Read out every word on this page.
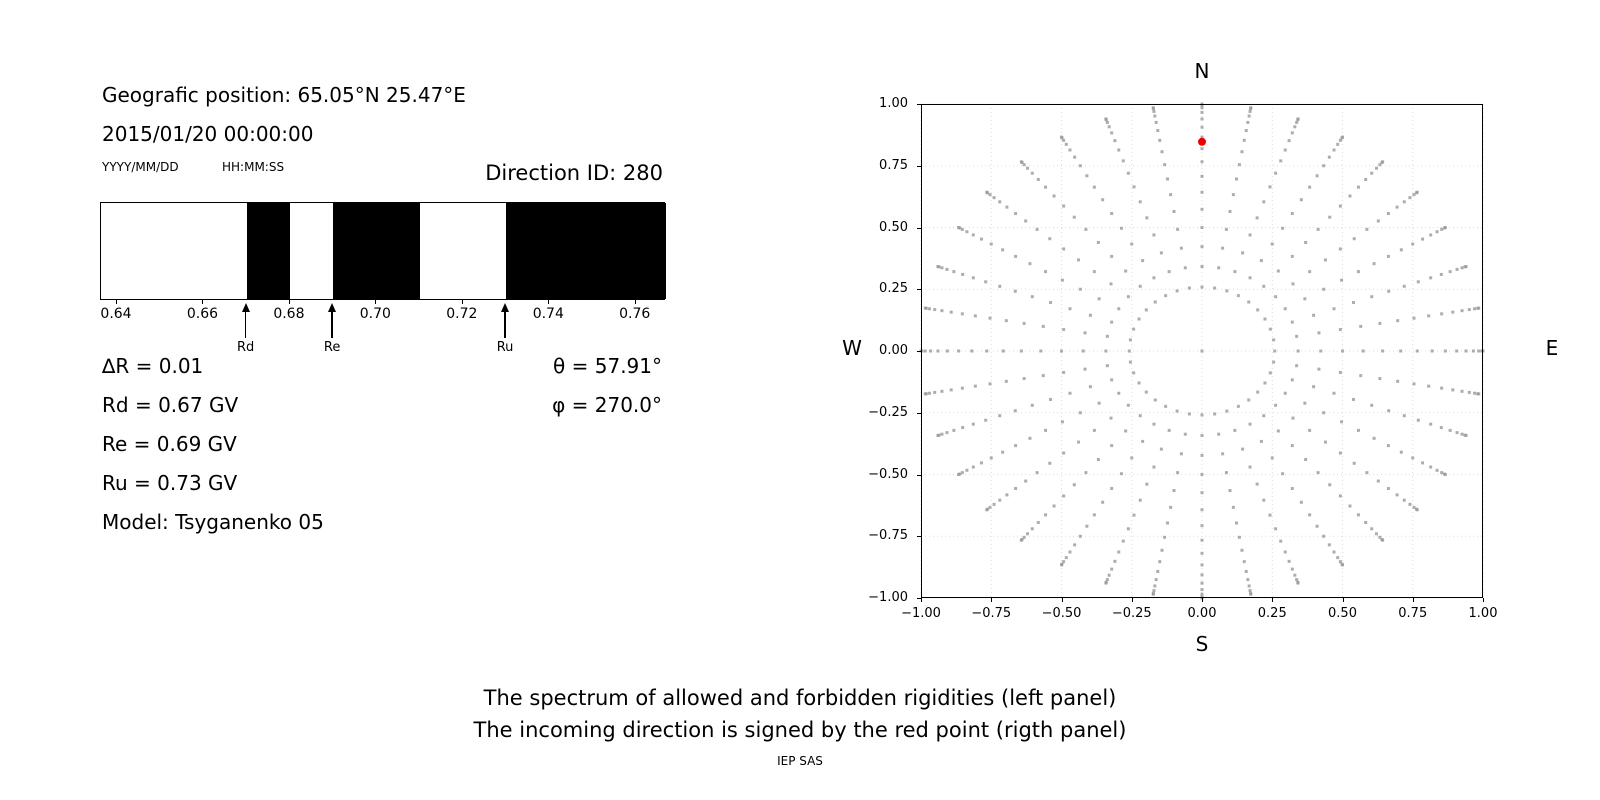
Geografic position: 65.05°N 25.47°E
2015/01/20 00:00:00
YYYY/MM/DD	HH:MM:SS	Direction ID: 280
0.64	0.66	0.68	0.70	0.72	0.74	0.76
Rd	Re	Ru
∆R = 0.01
Rd = 0.67 GV
Re = 0.69 GV
Ru = 0.73 GV
Model: Tsyganenko 05
θ = 57.91°
φ = 270.0°
−1.00	−0.75	−0.50	−0.25	0.00	0.25	0.50	0.75	1.00
1.00
0.75
0.50
0.25
0.00
−0.25
−0.50
−0.75
−1.00
N
S
W	E
The spectrum of allowed and forbidden rigidities (left panel)
The incoming direction is signed by the red point (rigth panel)
IEP SAS
